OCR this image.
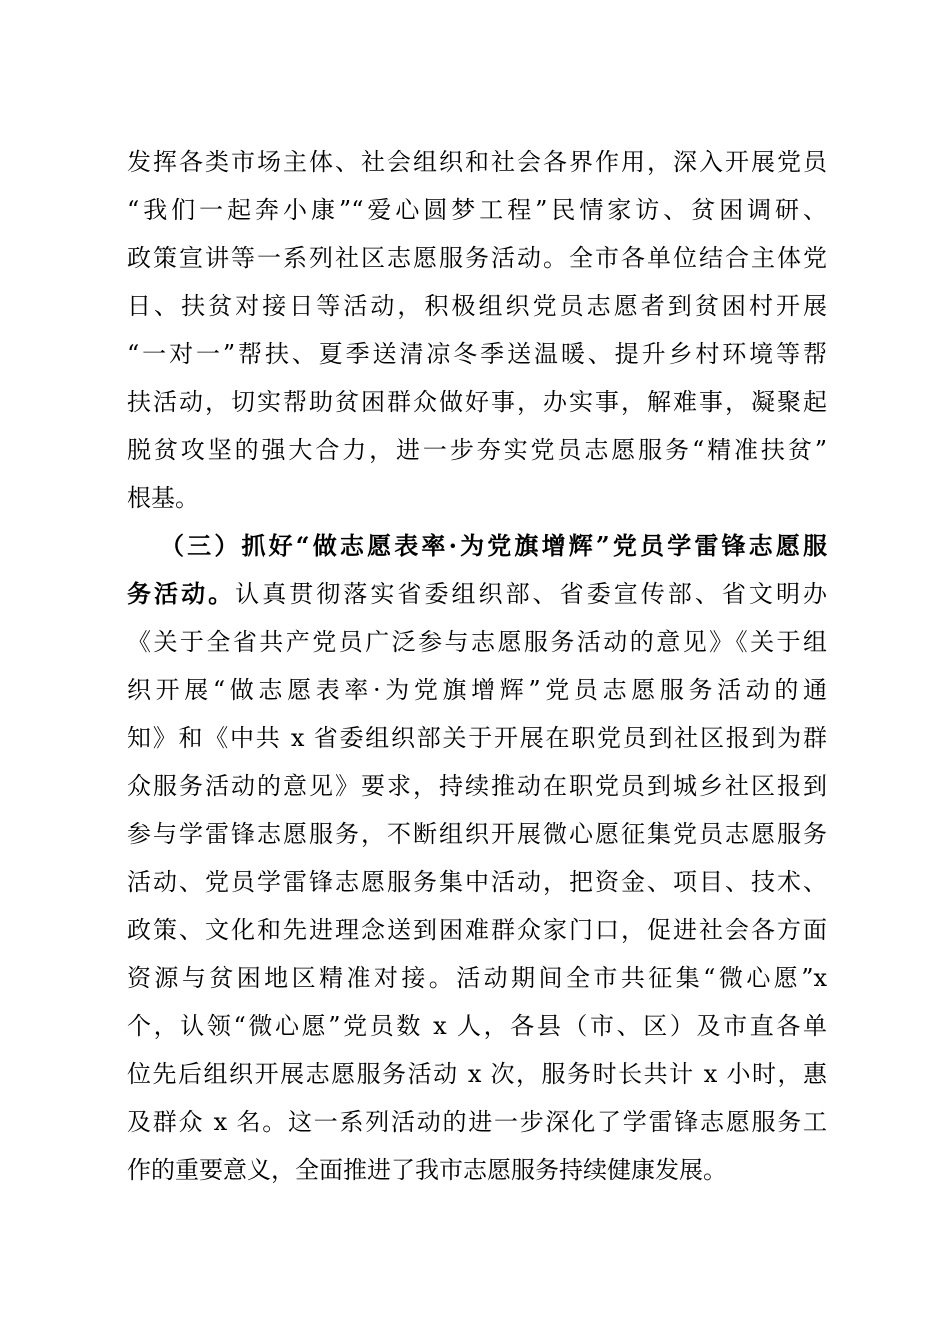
发挥各类市场主体、社会组织和社会各界作用，深入开展党员
“我们一起奔小康”“爱心圆梦工程”民情家访、贫困调研、
政策宣讲等一系列社区志愿服务活动。全市各单位结合主体党
日、扶贫对接日等活动，积极组织党员志愿者到贫困村开展
“一对一”帮扶、夏季送清凉冬季送温暖、提升乡村环境等帮
扶活动，切实帮助贫困群众做好事，办实事，解难事，凝聚起
脱贫攻坚的强大合力，进一步夯实党员志愿服务“精准扶贫”
根基。
（三）抓好“做志愿表率·为党旗增辉”党员学雷锋志愿服
务活动。认真贯彻落实省委组织部、省委宣传部、省文明办
《关于全省共产党员广泛参与志愿服务活动的意见》《关于组
织开展“做志愿表率·为党旗增辉”党员志愿服务活动的通
知》和《中共 x 省委组织部关于开展在职党员到社区报到为群
众服务活动的意见》要求，持续推动在职党员到城乡社区报到
参与学雷锋志愿服务，不断组织开展微心愿征集党员志愿服务
活动、党员学雷锋志愿服务集中活动，把资金、项目、技术、
政策、文化和先进理念送到困难群众家门口，促进社会各方面
资源与贫困地区精准对接。活动期间全市共征集“微心愿”x
个，认领“微心愿”党员数 x 人，各县（市、区）及市直各单
位先后组织开展志愿服务活动 x 次，服务时长共计 x 小时，惠
及群众 x 名。这一系列活动的进一步深化了学雷锋志愿服务工
作的重要意义，全面推进了我市志愿服务持续健康发展。
